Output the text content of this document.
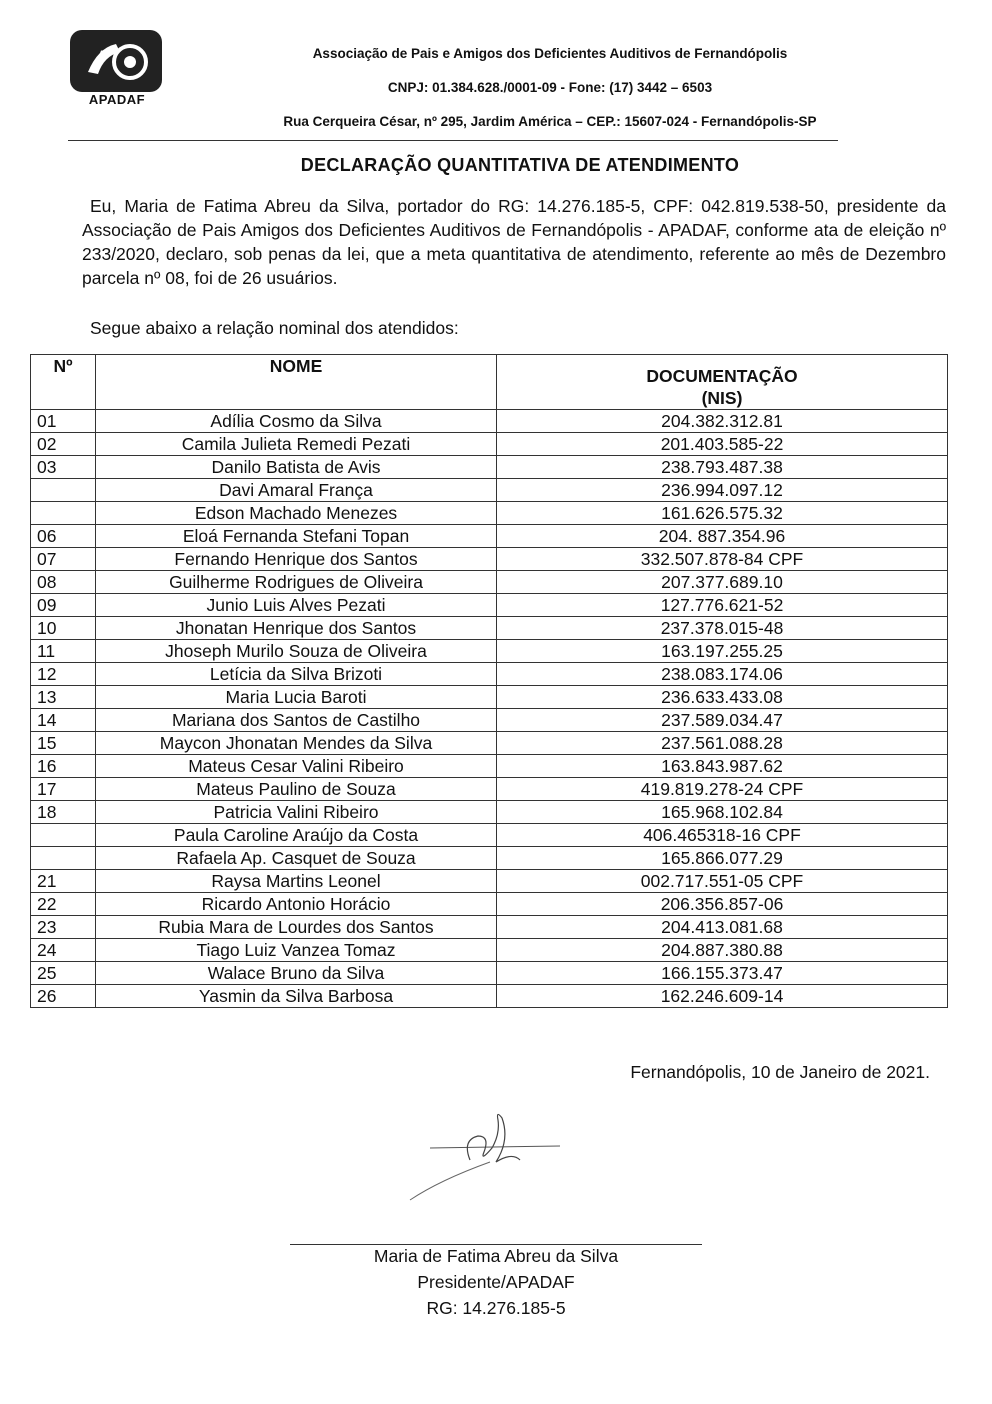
A
APADAF
Associação de Pais e Amigos dos Deficientes Auditivos de Fernandópolis
CNPJ: 01.384.628./0001-09 - Fone: (17) 3442 – 6503
Rua Cerqueira César, nº 295, Jardim América – CEP.: 15607-024 - Fernandópolis-SP
DECLARAÇÃO QUANTITATIVA DE ATENDIMENTO
Eu, Maria de Fatima Abreu da Silva, portador do RG: 14.276.185-5, CPF: 042.819.538-50, presidente da Associação de Pais Amigos dos Deficientes Auditivos de Fernandópolis - APADAF, conforme ata de eleição nº 233/2020, declaro, sob penas da lei, que a meta quantitativa de atendimento, referente ao mês de Dezembro parcela nº 08, foi de 26 usuários.
Segue abaixo a relação nominal dos atendidos:
Nº	NOME	DOCUMENTAÇÃO
(NIS)

01	Adília Cosmo da Silva	204.382.312.81
02	Camila Julieta Remedi Pezati	201.403.585-22
03	Danilo Batista de Avis	238.793.487.38
	Davi Amaral França	236.994.097.12
	Edson Machado Menezes	161.626.575.32
06	Eloá Fernanda Stefani Topan	204. 887.354.96
07	Fernando Henrique dos Santos	332.507.878-84 CPF
08	Guilherme Rodrigues de Oliveira	207.377.689.10
09	Junio Luis Alves Pezati	127.776.621-52
10	Jhonatan Henrique dos Santos	237.378.015-48
11	Jhoseph Murilo Souza de Oliveira	163.197.255.25
12	Letícia da Silva Brizoti	238.083.174.06
13	Maria Lucia Baroti	236.633.433.08
14	Mariana dos Santos de Castilho	237.589.034.47
15	Maycon Jhonatan Mendes da Silva	237.561.088.28
16	Mateus Cesar Valini Ribeiro	163.843.987.62
17	Mateus Paulino de Souza	419.819.278-24 CPF
18	Patricia Valini Ribeiro	165.968.102.84
	Paula Caroline Araújo da Costa	406.465318-16 CPF
	Rafaela Ap. Casquet de Souza	165.866.077.29
21	Raysa Martins Leonel	002.717.551-05 CPF
22	Ricardo Antonio Horácio	206.356.857-06
23	Rubia Mara de Lourdes dos Santos	204.413.081.68
24	Tiago Luiz Vanzea Tomaz	204.887.380.88
25	Walace Bruno da Silva	166.155.373.47
26	Yasmin da Silva Barbosa	162.246.609-14
Fernandópolis, 10 de Janeiro de 2021.
Maria de Fatima Abreu da Silva
Presidente/APADAF
RG: 14.276.185-5
